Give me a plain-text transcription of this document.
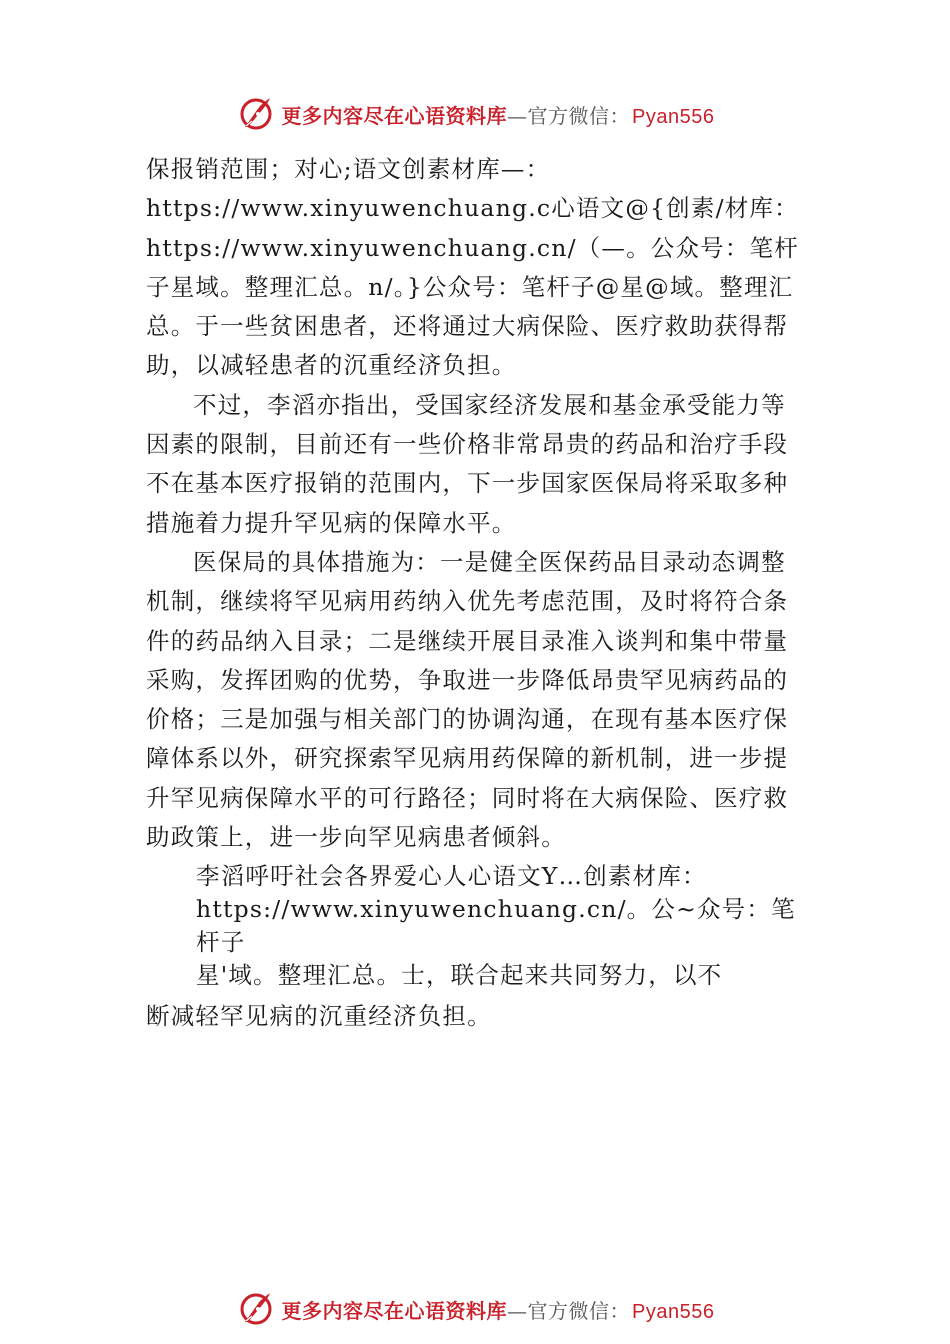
更多内容尽在心语资料库 — 官方微信： Pyan556

保报销范围；对心;语文创素材库—：https://www.xinyuwenchuang.c心语文@{创素/材库：https://www.xinyuwenchuang.cn/（—。公众号：笔杆子星域。整理汇总。n/。}公众号：笔杆子@星@域。整理汇总。于一些贫困患者，还将通过大病保险、医疗救助获得帮助，以减轻患者的沉重经济负担。

不过，李滔亦指出，受国家经济发展和基金承受能力等因素的限制，目前还有一些价格非常昂贵的药品和治疗手段不在基本医疗报销的范围内，下一步国家医保局将采取多种措施着力提升罕见病的保障水平。

医保局的具体措施为：一是健全医保药品目录动态调整机制，继续将罕见病用药纳入优先考虑范围，及时将符合条件的药品纳入目录；二是继续开展目录准入谈判和集中带量采购，发挥团购的优势，争取进一步降低昂贵罕见病药品的价格；三是加强与相关部门的协调沟通，在现有基本医疗保障体系以外，研究探索罕见病用药保障的新机制，进一步提升罕见病保障水平的可行路径；同时将在大病保险、医疗救助政策上，进一步向罕见病患者倾斜。

李滔呼吁社会各界爱心人心语文Y…创素材库：
https://www.xinyuwenchuang.cn/。公~众号：笔杆子
星'域。整理汇总。士，联合起来共同努力，以不

断减轻罕见病的沉重经济负担。

更多内容尽在心语资料库 — 官方微信： Pyan556
